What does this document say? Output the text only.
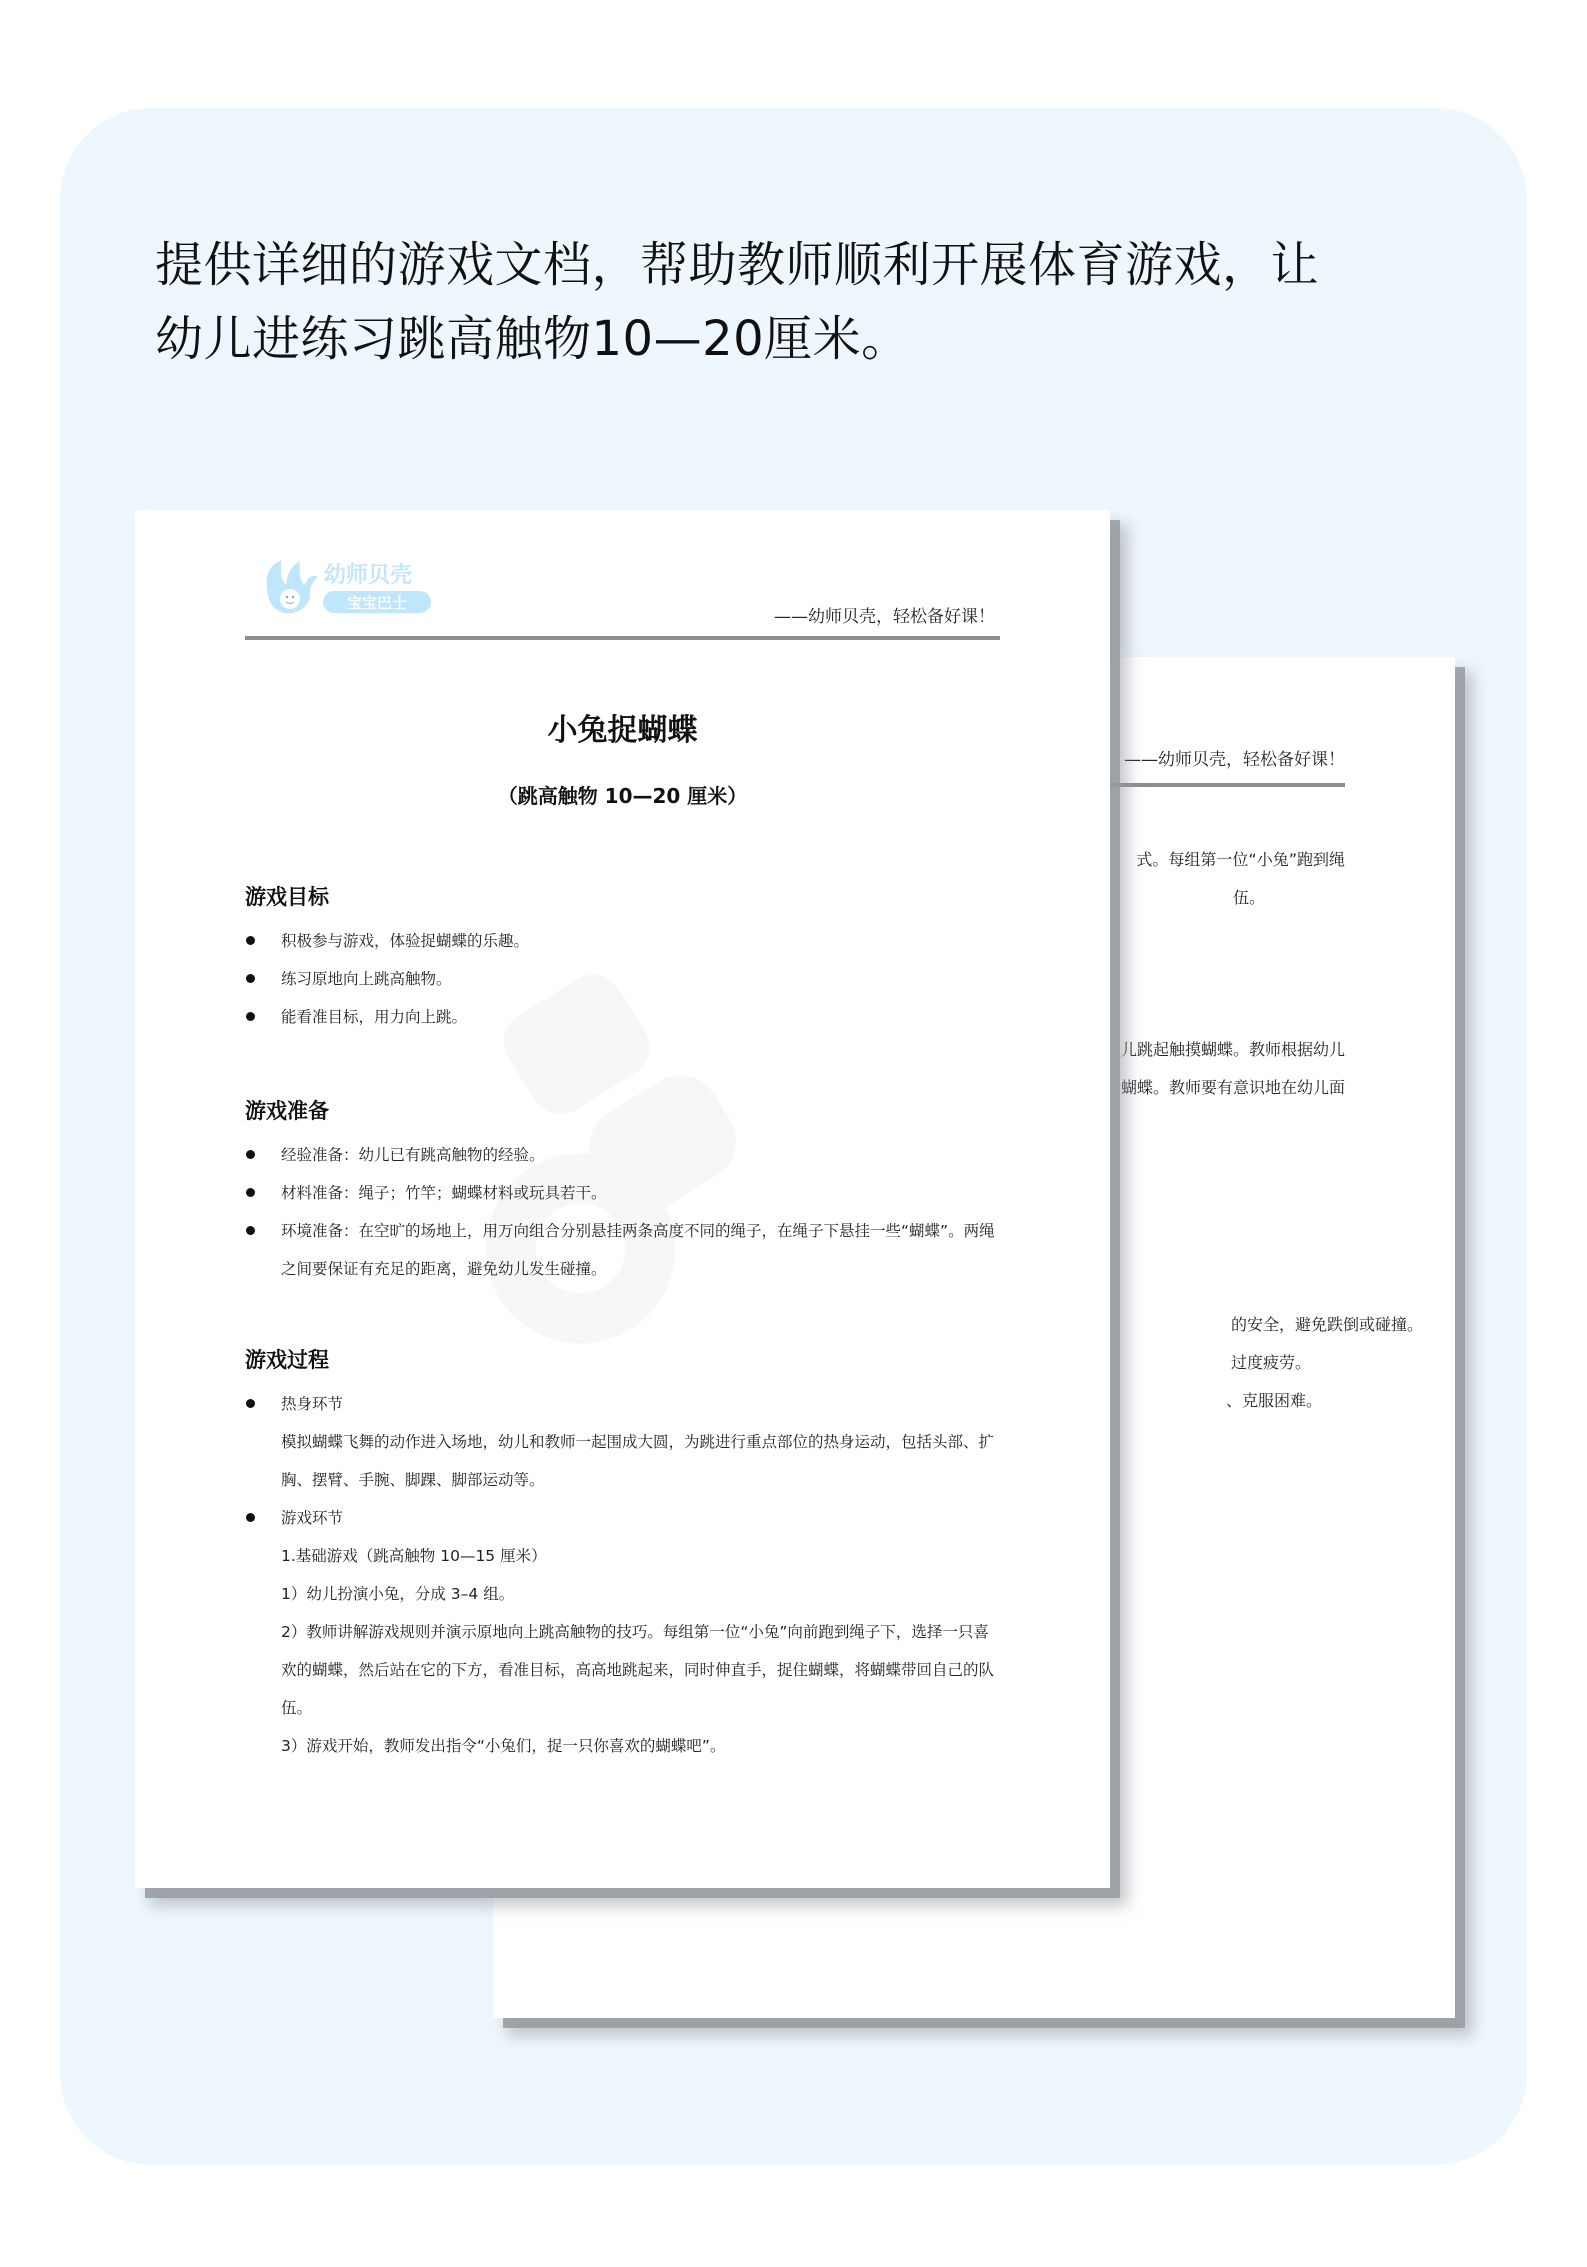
提供详细的游戏文档，帮助教师顺利开展体育游戏，让
幼儿进练习跳高触物10—20厘米。
——幼师贝壳，轻松备好课！
式。每组第一位“小兔”跑到绳
伍。
儿跳起触摸蝴蝶。教师根据幼儿
蝴蝶。教师要有意识地在幼儿面
的安全，避免跌倒或碰撞。
过度疲劳。
、克服困难。
幼师贝壳
宝宝巴士
——幼师贝壳，轻松备好课！
小兔捉蝴蝶
（跳高触物 10—20 厘米）
游戏目标
积极参与游戏，体验捉蝴蝶的乐趣。
练习原地向上跳高触物。
能看准目标，用力向上跳。
游戏准备
经验准备：幼儿已有跳高触物的经验。
材料准备：绳子；竹竿；蝴蝶材料或玩具若干。
环境准备：在空旷的场地上，用万向组合分别悬挂两条高度不同的绳子，在绳子下悬挂一些“蝴蝶”。两绳之间要保证有充足的距离，避免幼儿发生碰撞。
游戏过程
热身环节
模拟蝴蝶飞舞的动作进入场地，幼儿和教师一起围成大圆，为跳进行重点部位的热身运动，包括头部、扩胸、摆臂、手腕、脚踝、脚部运动等。
游戏环节
1.基础游戏（跳高触物 10—15 厘米）
1）幼儿扮演小兔，分成 3–4 组。
2）教师讲解游戏规则并演示原地向上跳高触物的技巧。每组第一位“小兔”向前跑到绳子下，选择一只喜欢的蝴蝶，然后站在它的下方，看准目标，高高地跳起来，同时伸直手，捉住蝴蝶，将蝴蝶带回自己的队伍。
3）游戏开始，教师发出指令“小兔们，捉一只你喜欢的蝴蝶吧”。
